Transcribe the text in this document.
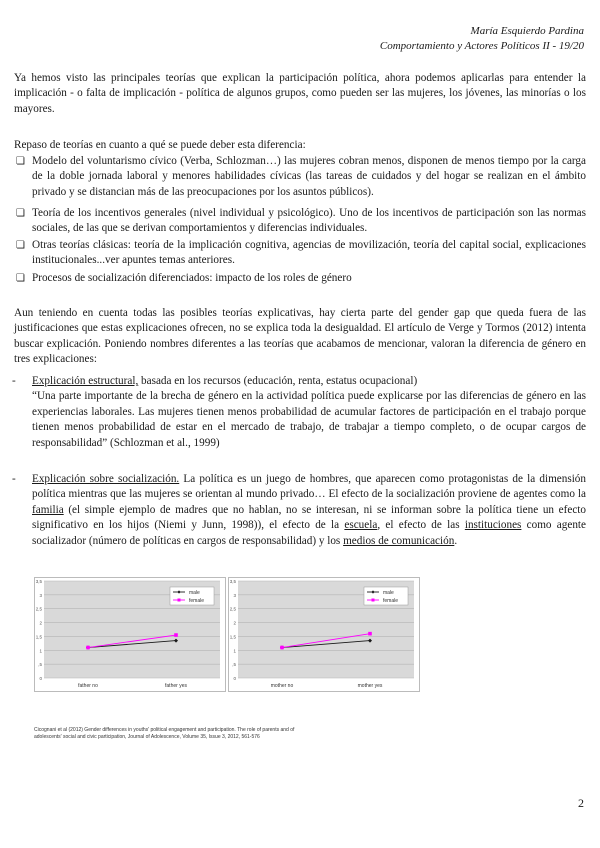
María Esquierdo Pardina
Comportamiento y Actores Políticos II - 19/20
Ya hemos visto las principales teorías que explican la participación política, ahora podemos aplicarlas para entender la implicación - o falta de implicación - política de algunos grupos, como pueden ser las mujeres, los jóvenes, las minorías o los mayores.
Repaso de teorías en cuanto a qué se puede deber esta diferencia:
❏ Modelo del voluntarismo cívico (Verba, Schlozman…) las mujeres cobran menos, disponen de menos tiempo por la carga de la doble jornada laboral y menores habilidades cívicas (las tareas de cuidados y del hogar se realizan en el ámbito privado y se distancian más de las preocupaciones por los asuntos públicos).
❏ Teoría de los incentivos generales (nivel individual y psicológico). Uno de los incentivos de participación son las normas sociales, de las que se derivan comportamientos y diferencias individuales.
❏ Otras teorías clásicas: teoría de la implicación cognitiva, agencias de movilización, teoría del capital social, explicaciones institucionales...ver apuntes temas anteriores.
❏ Procesos de socialización diferenciados: impacto de los roles de género
Aun teniendo en cuenta todas las posibles teorías explicativas, hay cierta parte del gender gap que queda fuera de las justificaciones que estas explicaciones ofrecen, no se explica toda la desigualdad. El artículo de Verge y Tormos (2012) intenta buscar explicación. Poniendo nombres diferentes a las teorías que acabamos de mencionar, valoran la diferencia de género en tres explicaciones:
- Explicación estructural, basada en los recursos (educación, renta, estatus ocupacional)
“Una parte importante de la brecha de género en la actividad política puede explicarse por las diferencias de género en las experiencias laborales. Las mujeres tienen menos probabilidad de acumular factores de participación en el trabajo porque tienen menos probabilidad de estar en el mercado de trabajo, de trabajar a tiempo completo, o de ocupar cargos de responsabilidad” (Schlozman et al., 1999)
- Explicación sobre socialización. La política es un juego de hombres, que aparecen como protagonistas de la dimensión política mientras que las mujeres se orientan al mundo privado… El efecto de la socialización proviene de agentes como la familia (el simple ejemplo de madres que no hablan, no se interesan, ni se informan sobre la política tiene un efecto significativo en los hijos (Niemi y Junn, 1998)), el efecto de la escuela, el efecto de las instituciones como agente socializador (número de políticas en cargos de responsabilidad) y los medios de comunicación.
0
,5
1
1,5
2
2,5
3
3,5
father no	father yes
male
female
0
,5
1
1,5
2
2,5
3
3,5
mother no	mother yes
male
female
Cicognani et al (2012) Gender differences in youths' political engagement and participation. The role of parents and of
adolescents' social and civic participation, Journal of Adolescence, Volume 35, Issue 3, 2012, 561-576
2
